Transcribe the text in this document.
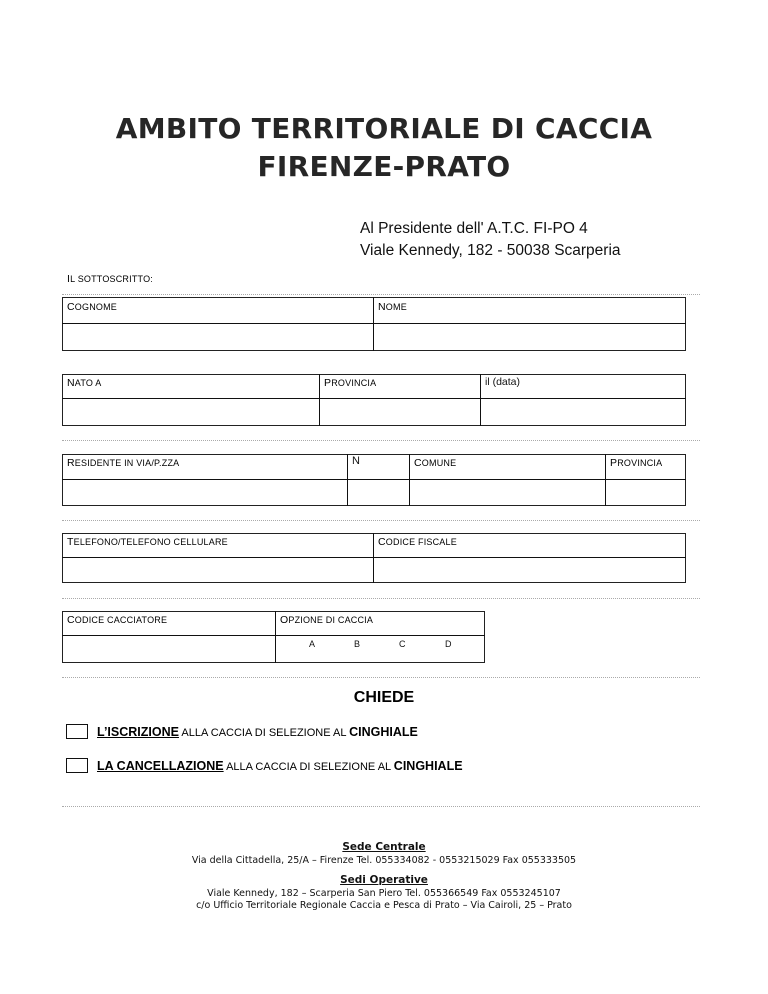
AMBITO TERRITORIALE DI CACCIA
FIRENZE-PRATO
Al Presidente dell' A.T.C. FI-PO 4
Viale Kennedy, 182 - 50038 Scarperia
IL SOTTOSCRITTO:
COGNOME	NOME
NATO A	PROVINCIA	il (data)
RESIDENTE IN VIA/P.ZZA	N	COMUNE	PROVINCIA
TELEFONO/TELEFONO CELLULARE	CODICE FISCALE
CODICE CACCIATORE	OPZIONE DI CACCIA
A	B	C	D
CHIEDE
L’ISCRIZIONE ALLA CACCIA DI SELEZIONE AL CINGHIALE
LA CANCELLAZIONE ALLA CACCIA DI SELEZIONE AL CINGHIALE
Sede Centrale
Via della Cittadella, 25/A – Firenze Tel. 055334082 - 0553215029 Fax 055333505
Sedi Operative
Viale Kennedy, 182 – Scarperia San Piero Tel. 055366549 Fax 0553245107
c/o Ufficio Territoriale Regionale Caccia e Pesca di Prato – Via Cairoli, 25 – Prato
